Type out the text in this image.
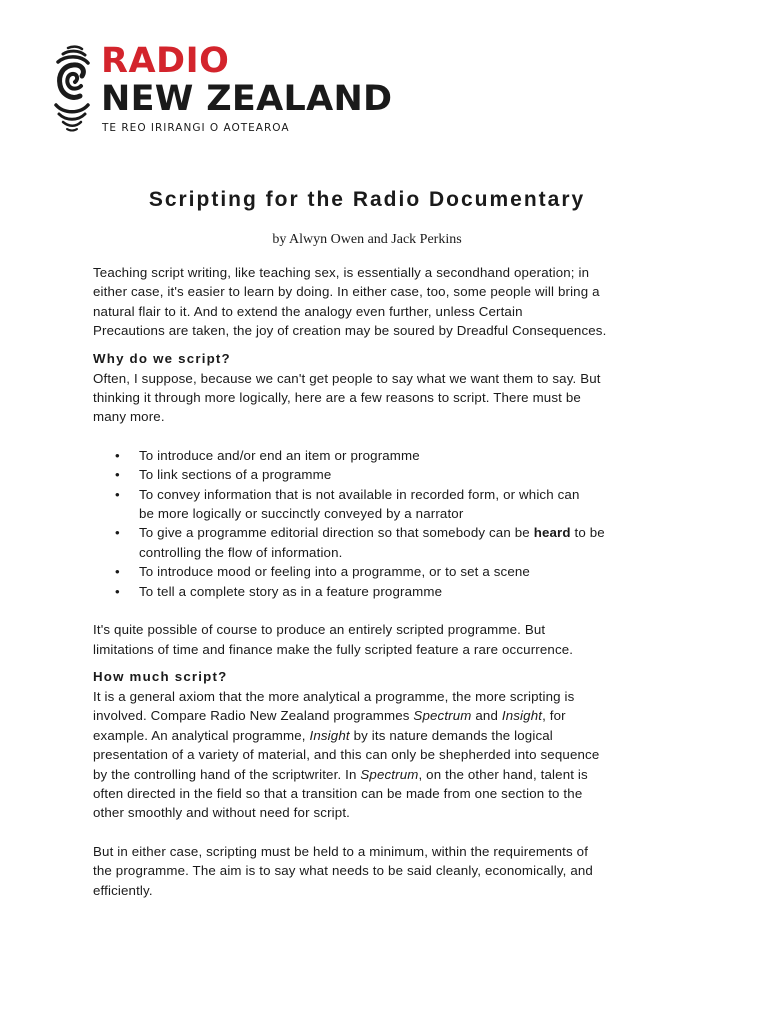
RADIO
NEW ZEALAND
TE REO IRIRANGI O AOTEAROA
Scripting for the Radio Documentary
by Alwyn Owen and Jack Perkins

Teaching script writing, like teaching sex, is essentially a secondhand operation; in
either case, it's easier to learn by doing. In either case, too, some people will bring a
natural flair to it. And to extend the analogy even further, unless Certain
Precautions are taken, the joy of creation may be soured by Dreadful Consequences.

Why do we script?

Often, I suppose, because we can't get people to say what we want them to say. But
thinking it through more logically, here are a few reasons to script. There must be
many more.

• To introduce and/or end an item or programme
• To link sections of a programme
• To convey information that is not available in recorded form, or which can
be more logically or succinctly conveyed by a narrator
• To give a programme editorial direction so that somebody can be heard to be
controlling the flow of information.
• To introduce mood or feeling into a programme, or to set a scene
• To tell a complete story as in a feature programme

It's quite possible of course to produce an entirely scripted programme. But
limitations of time and finance make the fully scripted feature a rare occurrence.

How much script?

It is a general axiom that the more analytical a programme, the more scripting is
involved. Compare Radio New Zealand programmes Spectrum and Insight, for
example. An analytical programme, Insight by its nature demands the logical
presentation of a variety of material, and this can only be shepherded into sequence
by the controlling hand of the scriptwriter. In Spectrum, on the other hand, talent is
often directed in the field so that a transition can be made from one section to the
other smoothly and without need for script.

But in either case, scripting must be held to a minimum, within the requirements of
the programme. The aim is to say what needs to be said cleanly, economically, and
efficiently.
